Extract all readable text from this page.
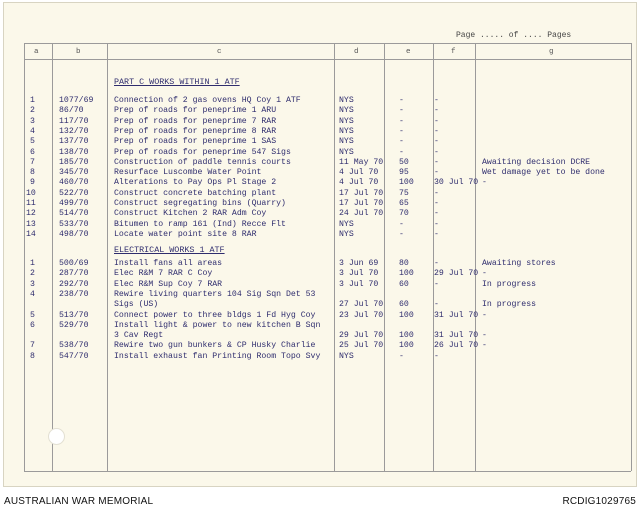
Page ..... of .... Pages
a	b	c	d	e	f	g
PART C WORKS WITHIN 1 ATF
1	1077/69	Connection of 2 gas ovens HQ Coy 1 ATF	NYS	-	-
2	86/70	Prep of roads for peneprime 1 ARU	NYS	-	-
3	117/70	Prep of roads for peneprime 7 RAR	NYS	-	-
4	132/70	Prep of roads for peneprime 8 RAR	NYS	-	-
5	137/70	Prep of roads for peneprime 1 SAS	NYS	-	-
6	138/70	Prep of roads for peneprime 547 Sigs	NYS	-	-
7	185/70	Construction of paddle tennis courts	11 May 70 50	-	Awaiting decision DCRE
8	345/70	Resurface Luscombe Water Point	4 Jul 70	95	-	Wet damage yet to be done
9	460/70	Alterations to Pay Ops Pl Stage 2	4 Jul 70	100 30 Jul 70 -
10	522/70	Construct concrete batching plant	17 Jul 70 75	-
11	499/70	Construct segregating bins (Quarry)	17 Jul 70 65	-
12	514/70	Construct Kitchen 2 RAR Adm Coy	24 Jul 70 70	-
13	533/70	Bitumen to ramp 161 (Ind) Recce Flt	NYS	-	-
14	498/70	Locate water point site 8 RAR	NYS	-	-
ELECTRICAL WORKS 1 ATF
1	500/69	Install fans all areas	3 Jun 69	80	-	Awaiting stores
2	287/70	Elec R&M 7 RAR C Coy	3 Jul 70	100 29 Jul 70 -
3	292/70	Elec R&M Sup Coy 7 RAR	3 Jul 70	60	-	In progress
4	238/70	Rewire living quarters 104 Sig Sqn Det 53
Sigs (US)	27 Jul 70 60	-	In progress
5	513/70	Connect power to three bldgs 1 Fd Hyg Coy	23 Jul 70 100 31 Jul 70 -
6	529/70	Install light & power to new kitchen B Sqn
3 Cav Regt	29 Jul 70 100 31 Jul 70 -
7	538/70	Rewire two gun bunkers & CP Husky Charlie	25 Jul 70 100 26 Jul 70 -
8	547/70	Install exhaust fan Printing Room Topo Svy NYS	-	-
AUSTRALIAN WAR MEMORIAL	RCDIG1029765
